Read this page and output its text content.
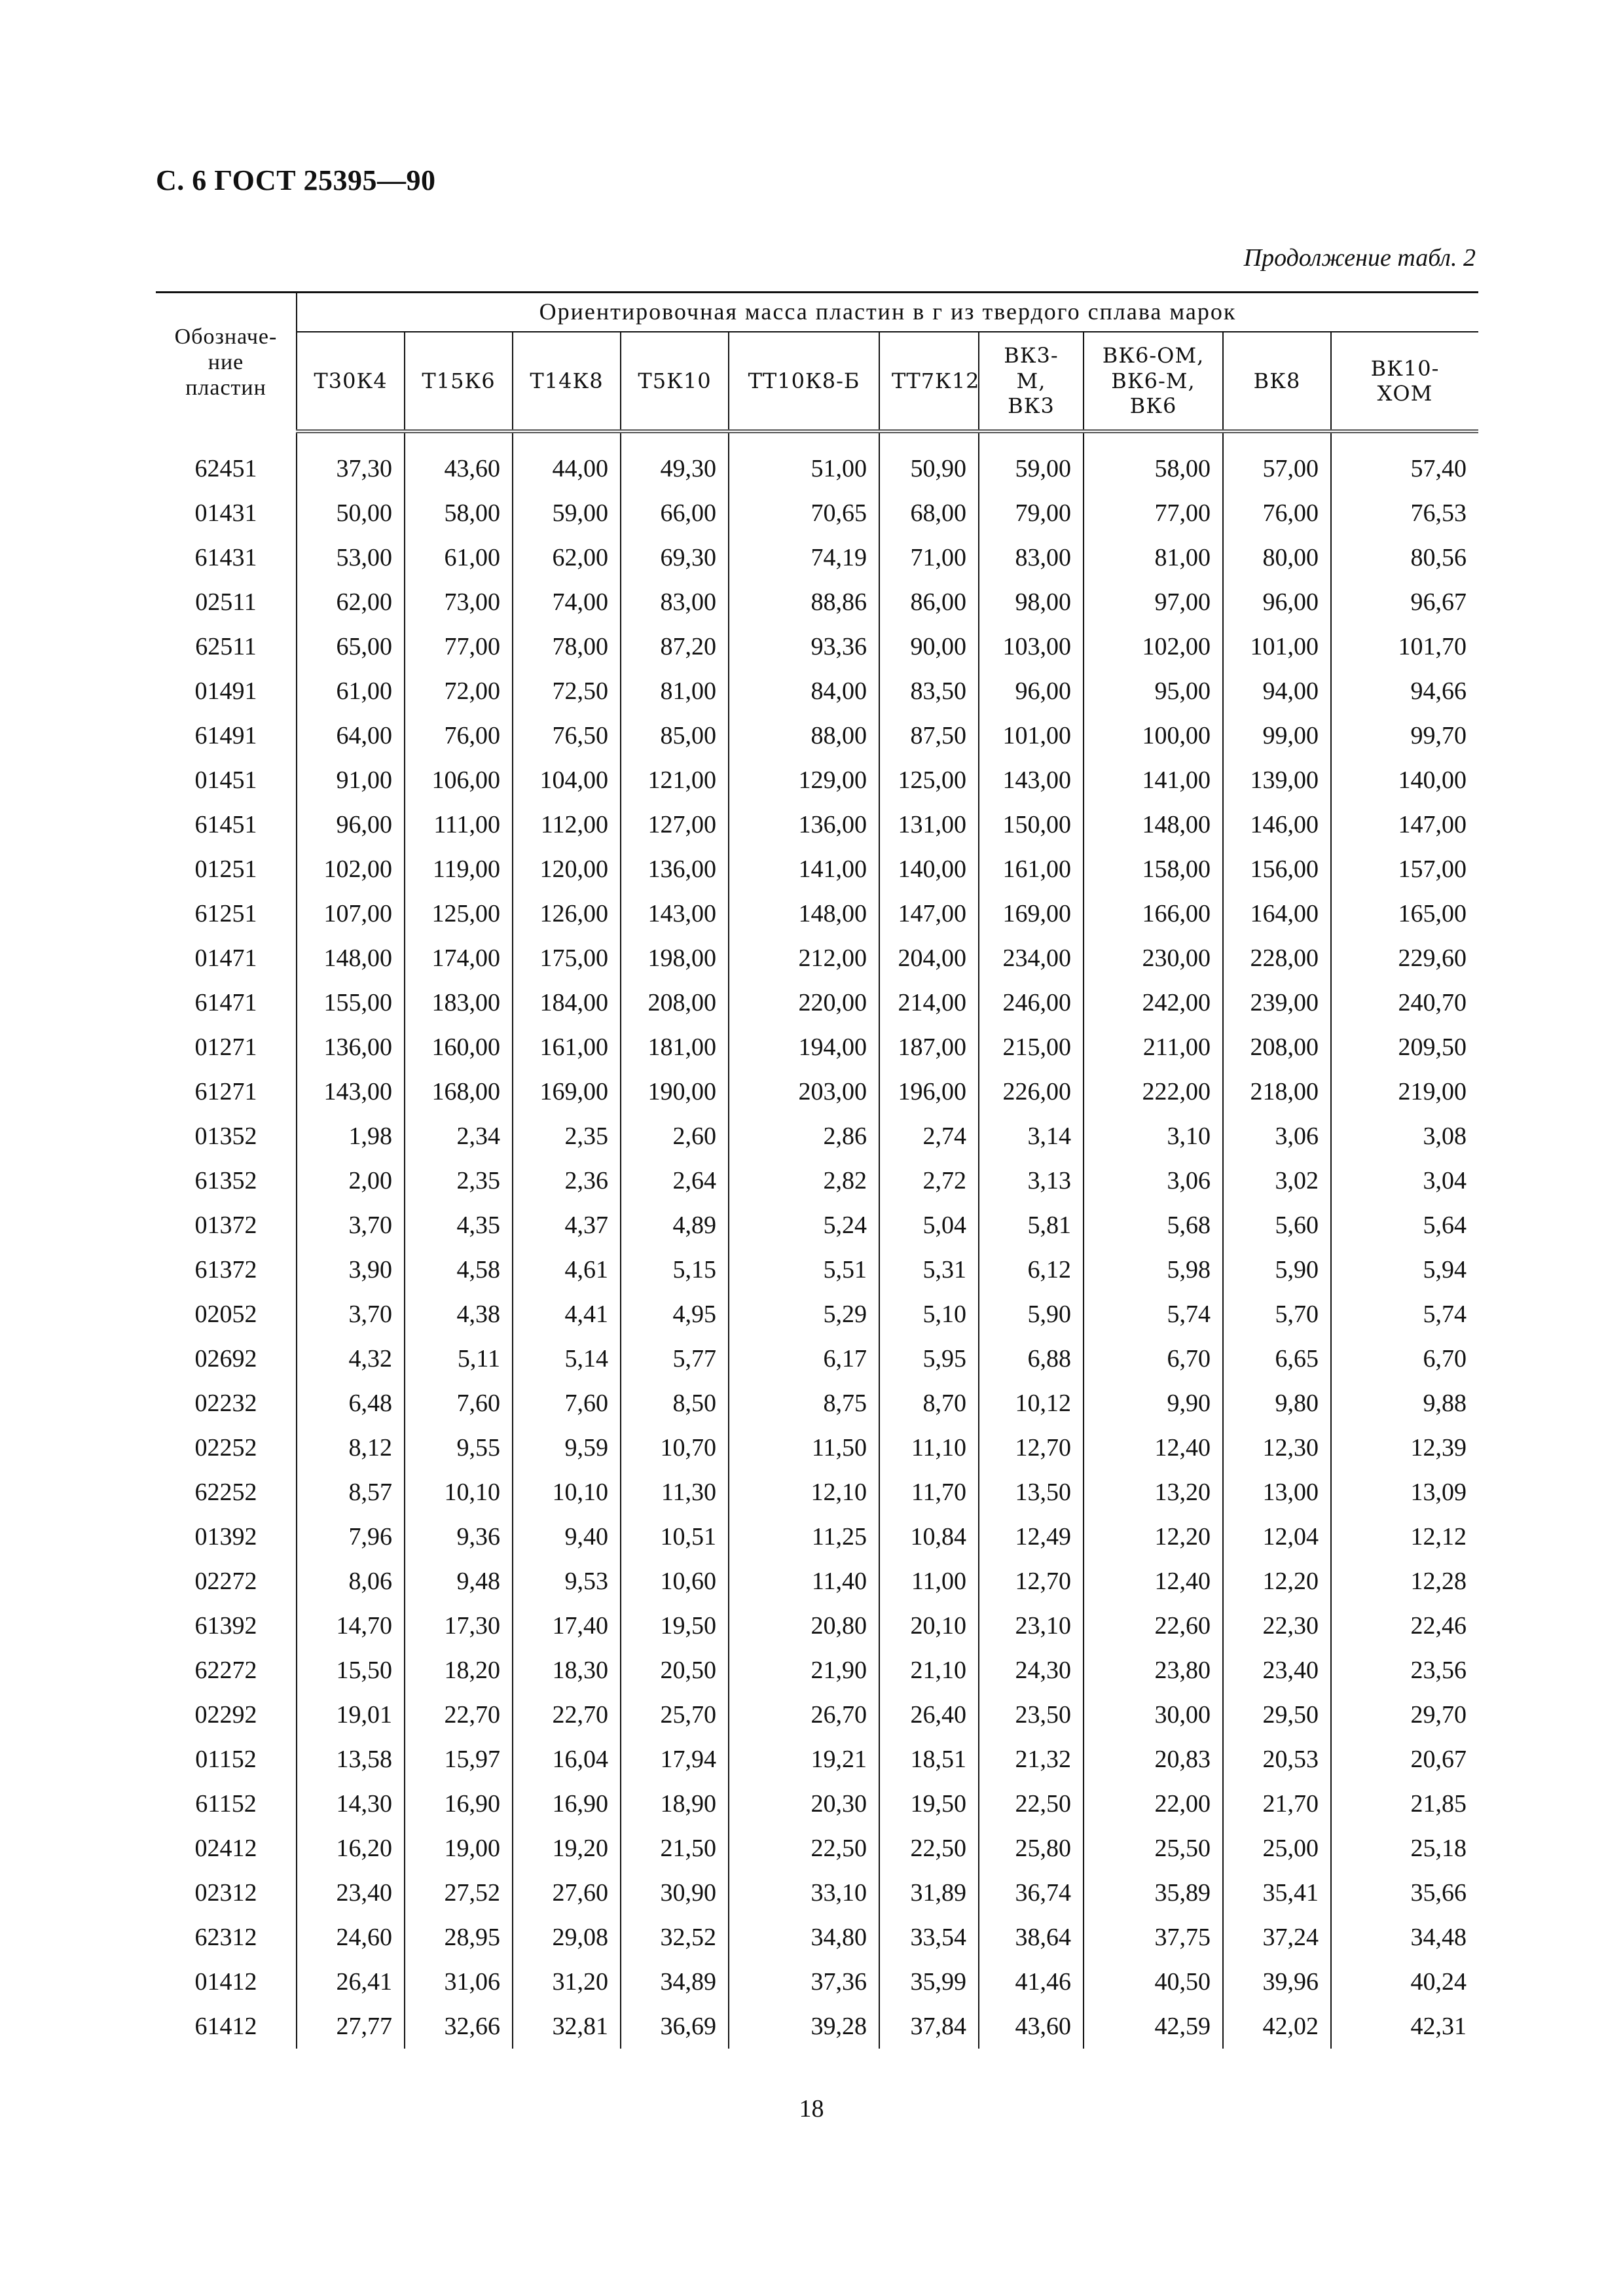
С. 6 ГОСТ 25395—90
Продолжение табл. 2
Обозначе-
ние
пластин	Ориентировочная масса пластин в г из твердого сплава марок									
	Т30К4	Т15К6	Т14К8	Т5К10	ТТ10К8-Б	ТТ7К12	ВК3-М,
ВК3	ВК6-ОМ,
ВК6-М,
ВК6	ВК8	ВК10-ХОМ

62451	37,30	43,60	44,00	49,30	51,00	50,90	59,00	58,00	57,00	57,40
01431	50,00	58,00	59,00	66,00	70,65	68,00	79,00	77,00	76,00	76,53
61431	53,00	61,00	62,00	69,30	74,19	71,00	83,00	81,00	80,00	80,56
02511	62,00	73,00	74,00	83,00	88,86	86,00	98,00	97,00	96,00	96,67
62511	65,00	77,00	78,00	87,20	93,36	90,00	103,00	102,00	101,00	101,70
01491	61,00	72,00	72,50	81,00	84,00	83,50	96,00	95,00	94,00	94,66
61491	64,00	76,00	76,50	85,00	88,00	87,50	101,00	100,00	99,00	99,70
01451	91,00	106,00	104,00	121,00	129,00	125,00	143,00	141,00	139,00	140,00
61451	96,00	111,00	112,00	127,00	136,00	131,00	150,00	148,00	146,00	147,00
01251	102,00	119,00	120,00	136,00	141,00	140,00	161,00	158,00	156,00	157,00
61251	107,00	125,00	126,00	143,00	148,00	147,00	169,00	166,00	164,00	165,00
01471	148,00	174,00	175,00	198,00	212,00	204,00	234,00	230,00	228,00	229,60
61471	155,00	183,00	184,00	208,00	220,00	214,00	246,00	242,00	239,00	240,70
01271	136,00	160,00	161,00	181,00	194,00	187,00	215,00	211,00	208,00	209,50
61271	143,00	168,00	169,00	190,00	203,00	196,00	226,00	222,00	218,00	219,00
01352	1,98	2,34	2,35	2,60	2,86	2,74	3,14	3,10	3,06	3,08
61352	2,00	2,35	2,36	2,64	2,82	2,72	3,13	3,06	3,02	3,04
01372	3,70	4,35	4,37	4,89	5,24	5,04	5,81	5,68	5,60	5,64
61372	3,90	4,58	4,61	5,15	5,51	5,31	6,12	5,98	5,90	5,94
02052	3,70	4,38	4,41	4,95	5,29	5,10	5,90	5,74	5,70	5,74
02692	4,32	5,11	5,14	5,77	6,17	5,95	6,88	6,70	6,65	6,70
02232	6,48	7,60	7,60	8,50	8,75	8,70	10,12	9,90	9,80	9,88
02252	8,12	9,55	9,59	10,70	11,50	11,10	12,70	12,40	12,30	12,39
62252	8,57	10,10	10,10	11,30	12,10	11,70	13,50	13,20	13,00	13,09
01392	7,96	9,36	9,40	10,51	11,25	10,84	12,49	12,20	12,04	12,12
02272	8,06	9,48	9,53	10,60	11,40	11,00	12,70	12,40	12,20	12,28
61392	14,70	17,30	17,40	19,50	20,80	20,10	23,10	22,60	22,30	22,46
62272	15,50	18,20	18,30	20,50	21,90	21,10	24,30	23,80	23,40	23,56
02292	19,01	22,70	22,70	25,70	26,70	26,40	23,50	30,00	29,50	29,70
01152	13,58	15,97	16,04	17,94	19,21	18,51	21,32	20,83	20,53	20,67
61152	14,30	16,90	16,90	18,90	20,30	19,50	22,50	22,00	21,70	21,85
02412	16,20	19,00	19,20	21,50	22,50	22,50	25,80	25,50	25,00	25,18
02312	23,40	27,52	27,60	30,90	33,10	31,89	36,74	35,89	35,41	35,66
62312	24,60	28,95	29,08	32,52	34,80	33,54	38,64	37,75	37,24	34,48
01412	26,41	31,06	31,20	34,89	37,36	35,99	41,46	40,50	39,96	40,24
61412	27,77	32,66	32,81	36,69	39,28	37,84	43,60	42,59	42,02	42,31
18
